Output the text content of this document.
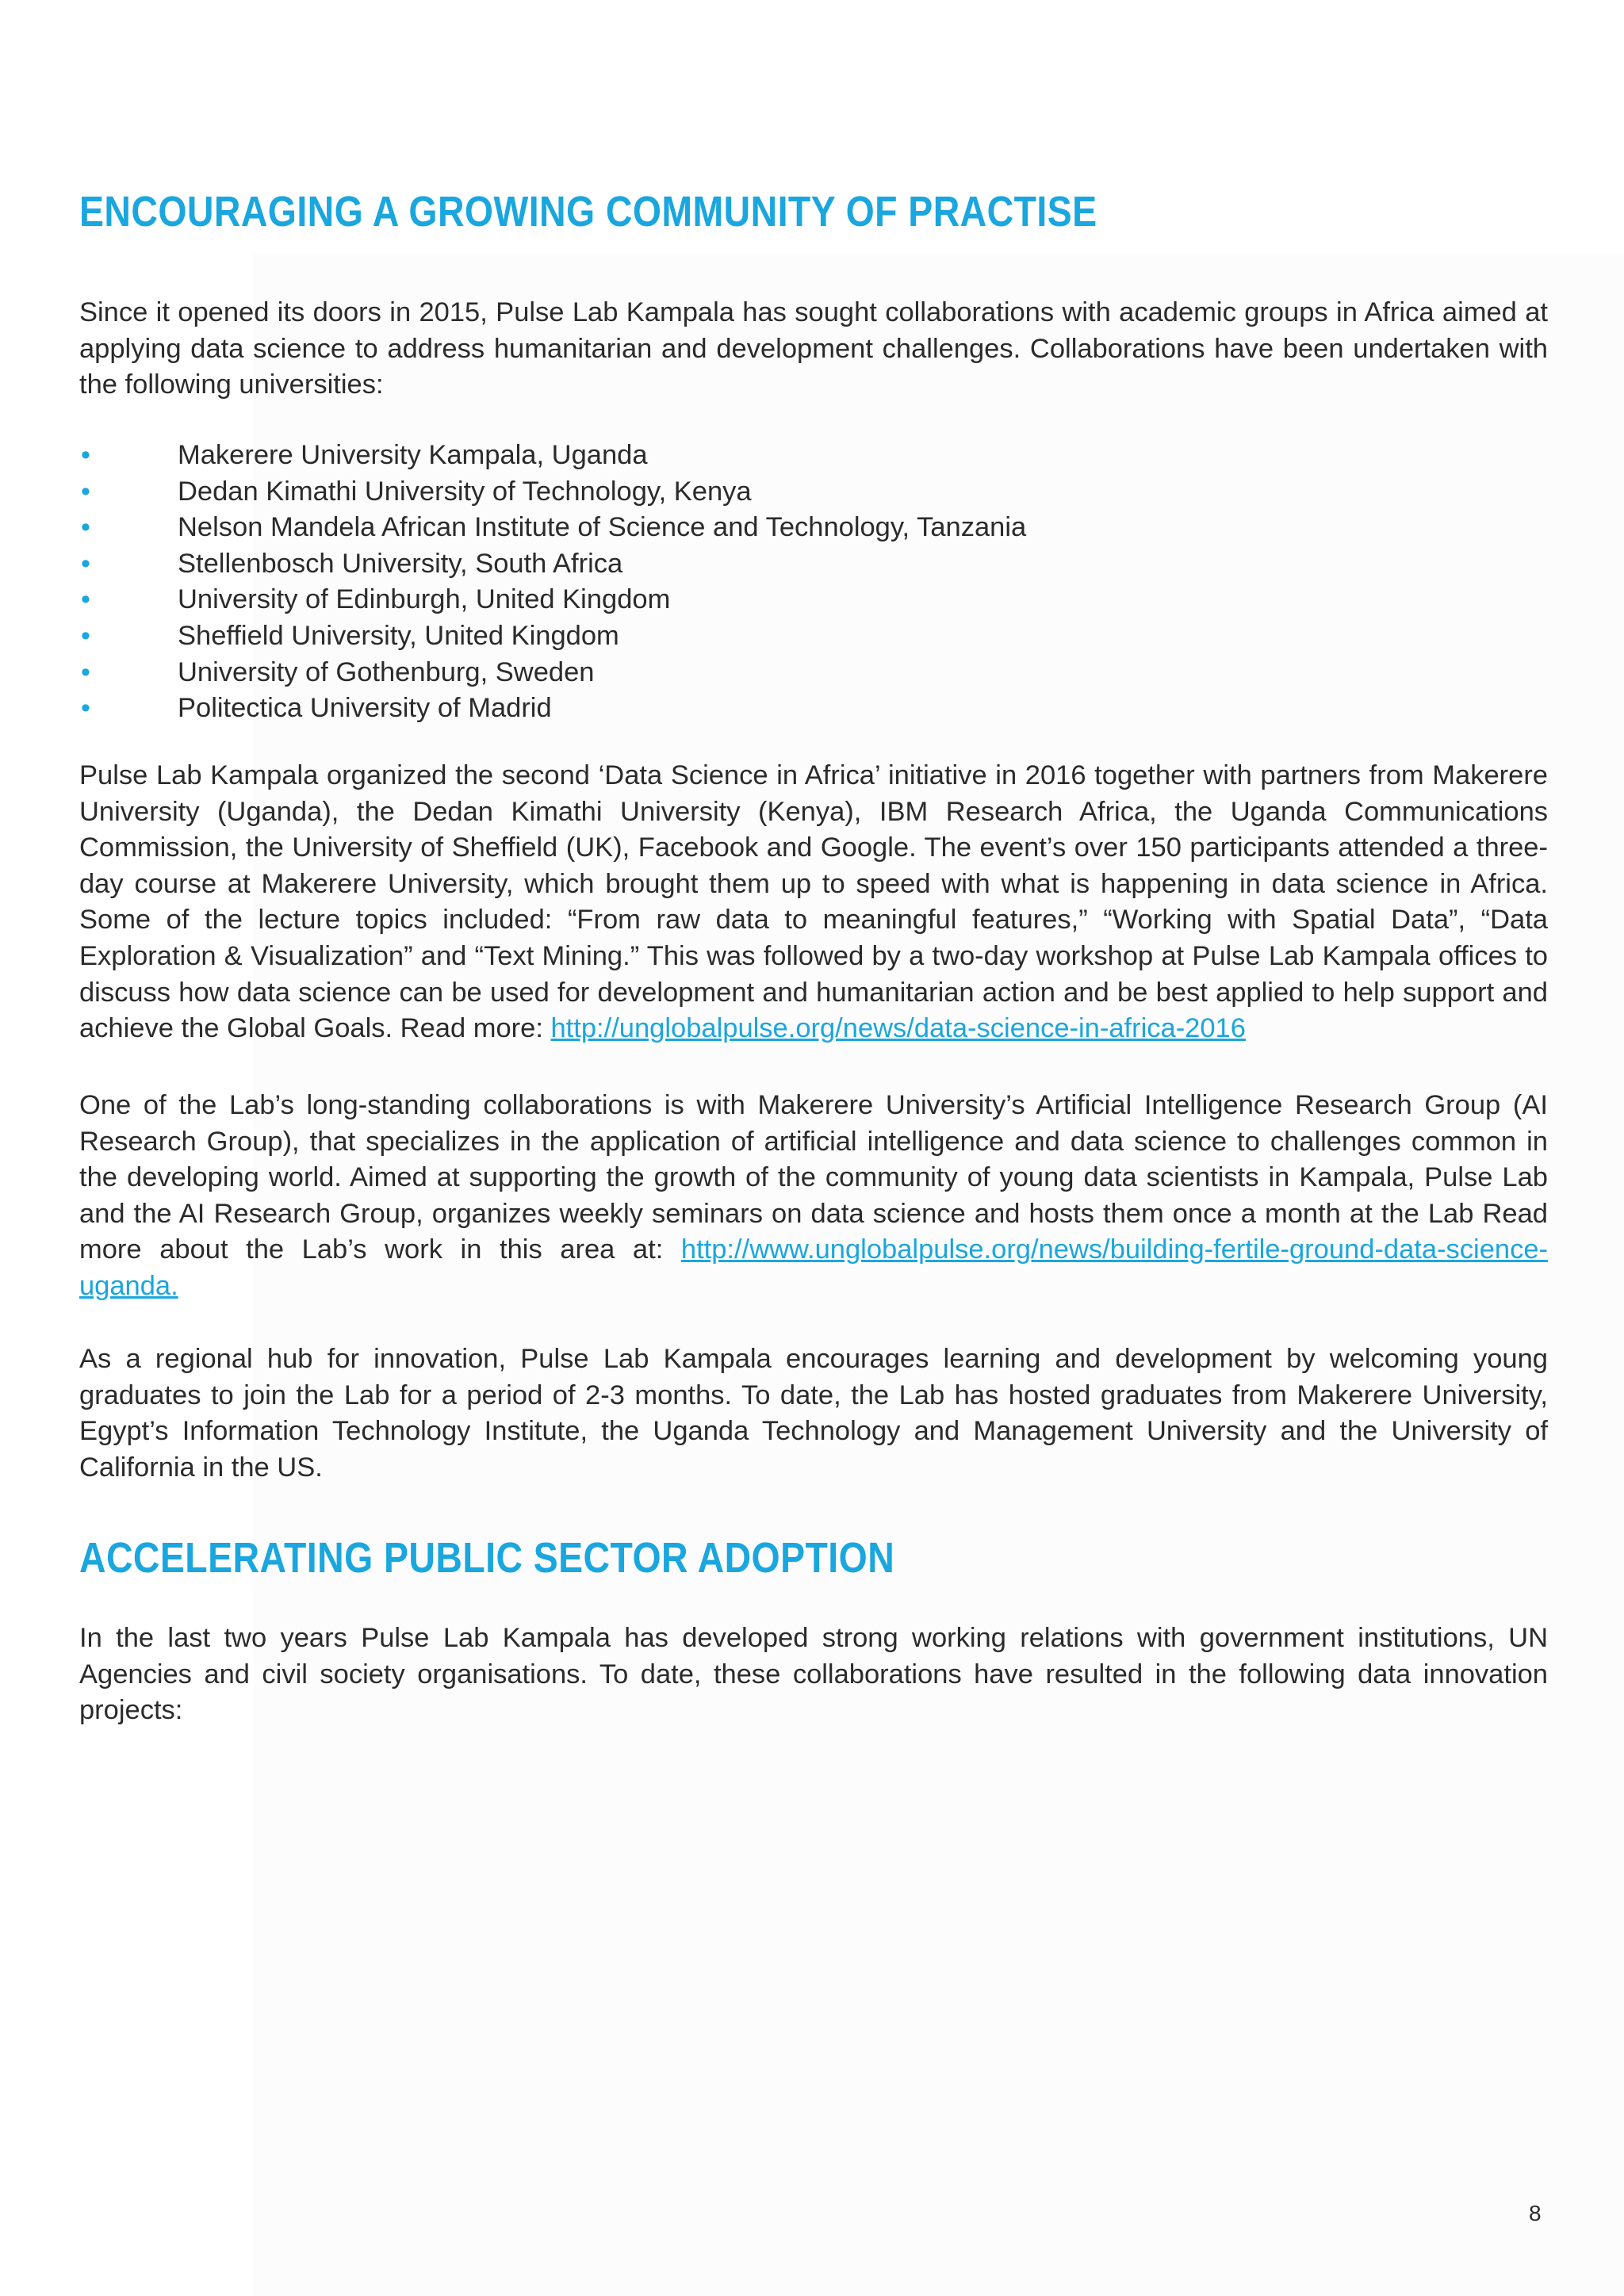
ENCOURAGING A GROWING COMMUNITY OF PRACTISE

Since it opened its doors in 2015, Pulse Lab Kampala has sought collaborations with academic groups in Africa aimed at applying data science to address humanitarian and development challenges. Collaborations have been undertaken with the following universities:

•	Makerere University Kampala, Uganda
•	Dedan Kimathi University of Technology, Kenya
•	Nelson Mandela African Institute of Science and Technology, Tanzania
•	Stellenbosch University, South Africa
•	University of Edinburgh, United Kingdom
•	Sheffield University, United Kingdom
•	University of Gothenburg, Sweden
•	Politectica University of Madrid

Pulse Lab Kampala organized the second ‘Data Science in Africa’ initiative in 2016 together with partners from Makerere University (Uganda), the Dedan Kimathi University (Kenya), IBM Research Africa, the Uganda Communications Commission, the University of Sheffield (UK), Facebook and Google. The event’s over 150 participants attended a three-day course at Makerere University, which brought them up to speed with what is happening in data science in Africa. Some of the lecture topics included: “From raw data to meaningful features,” “Working with Spatial Data”, “Data Exploration & Visualization” and “Text Mining.” This was followed by a two-day workshop at Pulse Lab Kampala offices to discuss how data science can be used for development and humanitarian action and be best applied to help support and achieve the Global Goals. Read more: http://unglobalpulse.org/news/data-science-in-africa-2016

One of the Lab’s long-standing collaborations is with Makerere University’s Artificial Intelligence Research Group (AI Research Group), that specializes in the application of artificial intelligence and data science to challenges common in the developing world. Aimed at supporting the growth of the community of young data scientists in Kampala, Pulse Lab and the AI Research Group, organizes weekly seminars on data science and hosts them once a month at the Lab Read more about the Lab’s work in this area at: http://www.unglobalpulse.org/news/building-fertile-ground-data-science-uganda.

As a regional hub for innovation, Pulse Lab Kampala encourages learning and development by welcoming young graduates to join the Lab for a period of 2-3 months. To date, the Lab has hosted graduates from Makerere University, Egypt’s Information Technology Institute, the Uganda Technology and Management University and the University of California in the US.

ACCELERATING PUBLIC SECTOR ADOPTION

In the last two years Pulse Lab Kampala has developed strong working relations with government institutions, UN Agencies and civil society organisations. To date, these collaborations have resulted in the following data innovation projects:

8
